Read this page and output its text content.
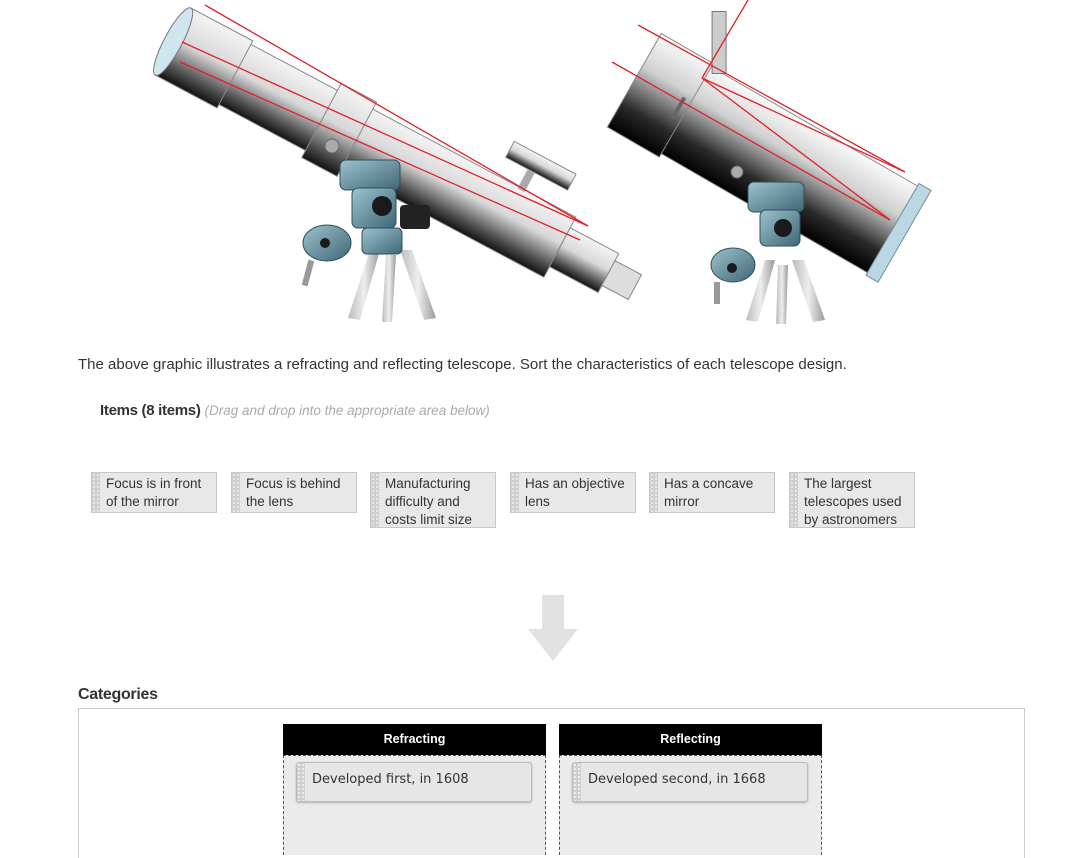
The above graphic illustrates a refracting and reflecting telescope. Sort the characteristics of each telescope design.
Items (8 items) (Drag and drop into the appropriate area below)
Focus is in front of the mirror
Focus is behind the lens
Manufacturing difficulty and costs limit size
Has an objective lens
Has a concave mirror
The largest telescopes used by astronomers
Categories
Refracting
Developed first, in 1608
Reflecting
Developed second, in 1668
